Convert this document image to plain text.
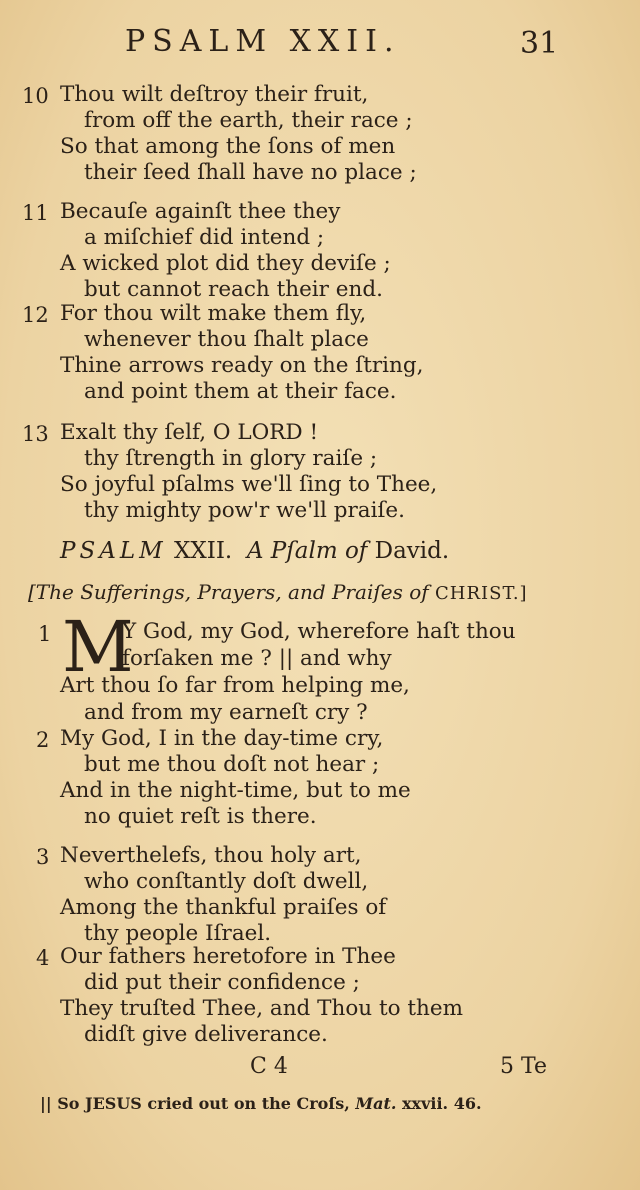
PSALM XXII.	31
10 Thou wilt deſtroy their fruit,
from off the earth, their race ;
So that among the ſons of men
their ſeed ſhall have no place ;
11 Becauſe againſt thee they
a miſchief did intend ;
A wicked plot did they deviſe ;
but cannot reach their end.
12 For thou wilt make them fly,
whenever thou ſhalt place
Thine arrows ready on the ſtring,
and point them at their face.
13 Exalt thy ſelf, O LORD !
thy ſtrength in glory raiſe ;
So joyful pſalms we'll ſing to Thee,
thy mighty pow'r we'll praiſe.
PSALM XXII. A Pſalm of David.
[The Sufferings, Prayers, and Praiſes of CHRIST.]
1 M
Y God, my God, wherefore haſt thou
forſaken me ? || and why
Art thou ſo far from helping me,
and from my earneſt cry ?
2 My God, I in the day-time cry,
but me thou doſt not hear ;
And in the night-time, but to me
no quiet reſt is there.
3 Neverthelefs, thou holy art,
who conſtantly doſt dwell,
Among the thankful praiſes of
thy people Iſrael.
4 Our fathers heretofore in Thee
did put their confidence ;
They truſted Thee, and Thou to them
didſt give deliverance.
C 4	5 Te
|| So JESUS cried out on the Croſs, Mat. xxvii. 46.
